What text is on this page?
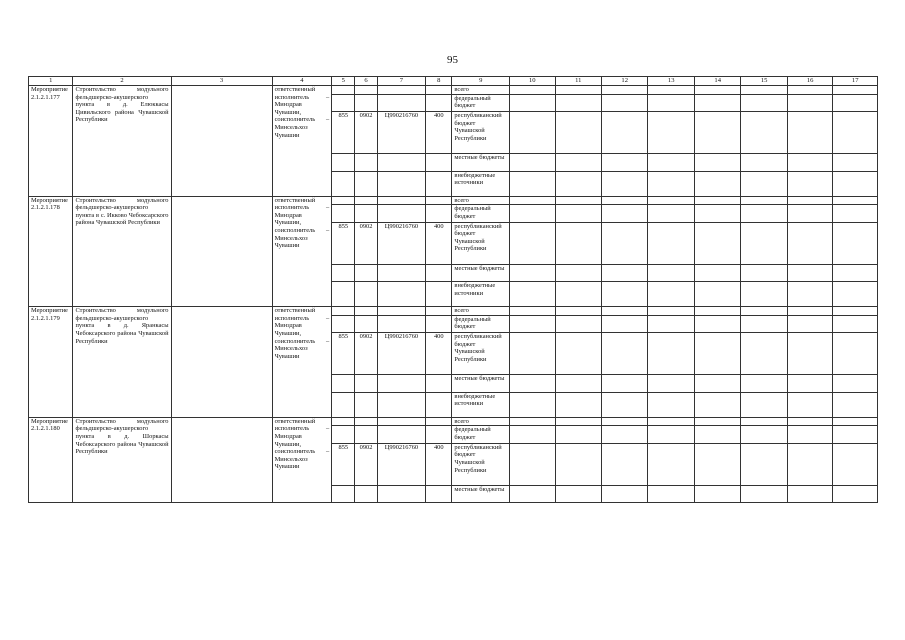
95
1	2	3	4	5	6	7	8	9	10	11	12	13	14	15	16	17
Мероприятие 2.1.2.1.177	Строительство модульного фельдшерско-акушерского пункта в д. Елюккасы Цивильского района Чувашской Республики		ответственный исполнитель – Минздрав Чувашии, соисполнитель – Минсельхоз Чувашии					всего								
								федеральный бюджет								
				855	0902	Ц990216760	400	республиканский бюджет Чувашской Республики								
								местные бюджеты								
								внебюджетные источники								
Мероприятие 2.1.2.1.178	Строительство модульного фельдшерско-акушерского пункта в с. Икково Чебоксарского района Чувашской Республики		ответственный исполнитель – Минздрав Чувашии, соисполнитель – Минсельхоз Чувашии					всего								
								федеральный бюджет								
				855	0902	Ц990216760	400	республиканский бюджет Чувашской Республики								
								местные бюджеты								
								внебюджетные источники								
Мероприятие 2.1.2.1.179	Строительство модульного фельдшерско-акушерского пункта в д. Яранкасы Чебоксарского района Чувашской Республики		ответственный исполнитель – Минздрав Чувашии, соисполнитель – Минсельхоз Чувашии					всего								
								федеральный бюджет								
				855	0902	Ц990216760	400	республиканский бюджет Чувашской Республики								
								местные бюджеты								
								внебюджетные источники								
Мероприятие 2.1.2.1.180	Строительство модульного фельдшерско-акушерского пункта в д. Шоркасы Чебоксарского района Чувашской Республики		ответственный исполнитель – Минздрав Чувашии, соисполнитель – Минсельхоз Чувашии					всего								
								федеральный бюджет								
				855	0902	Ц990216760	400	республиканский бюджет Чувашской Республики								
								местные бюджеты								
